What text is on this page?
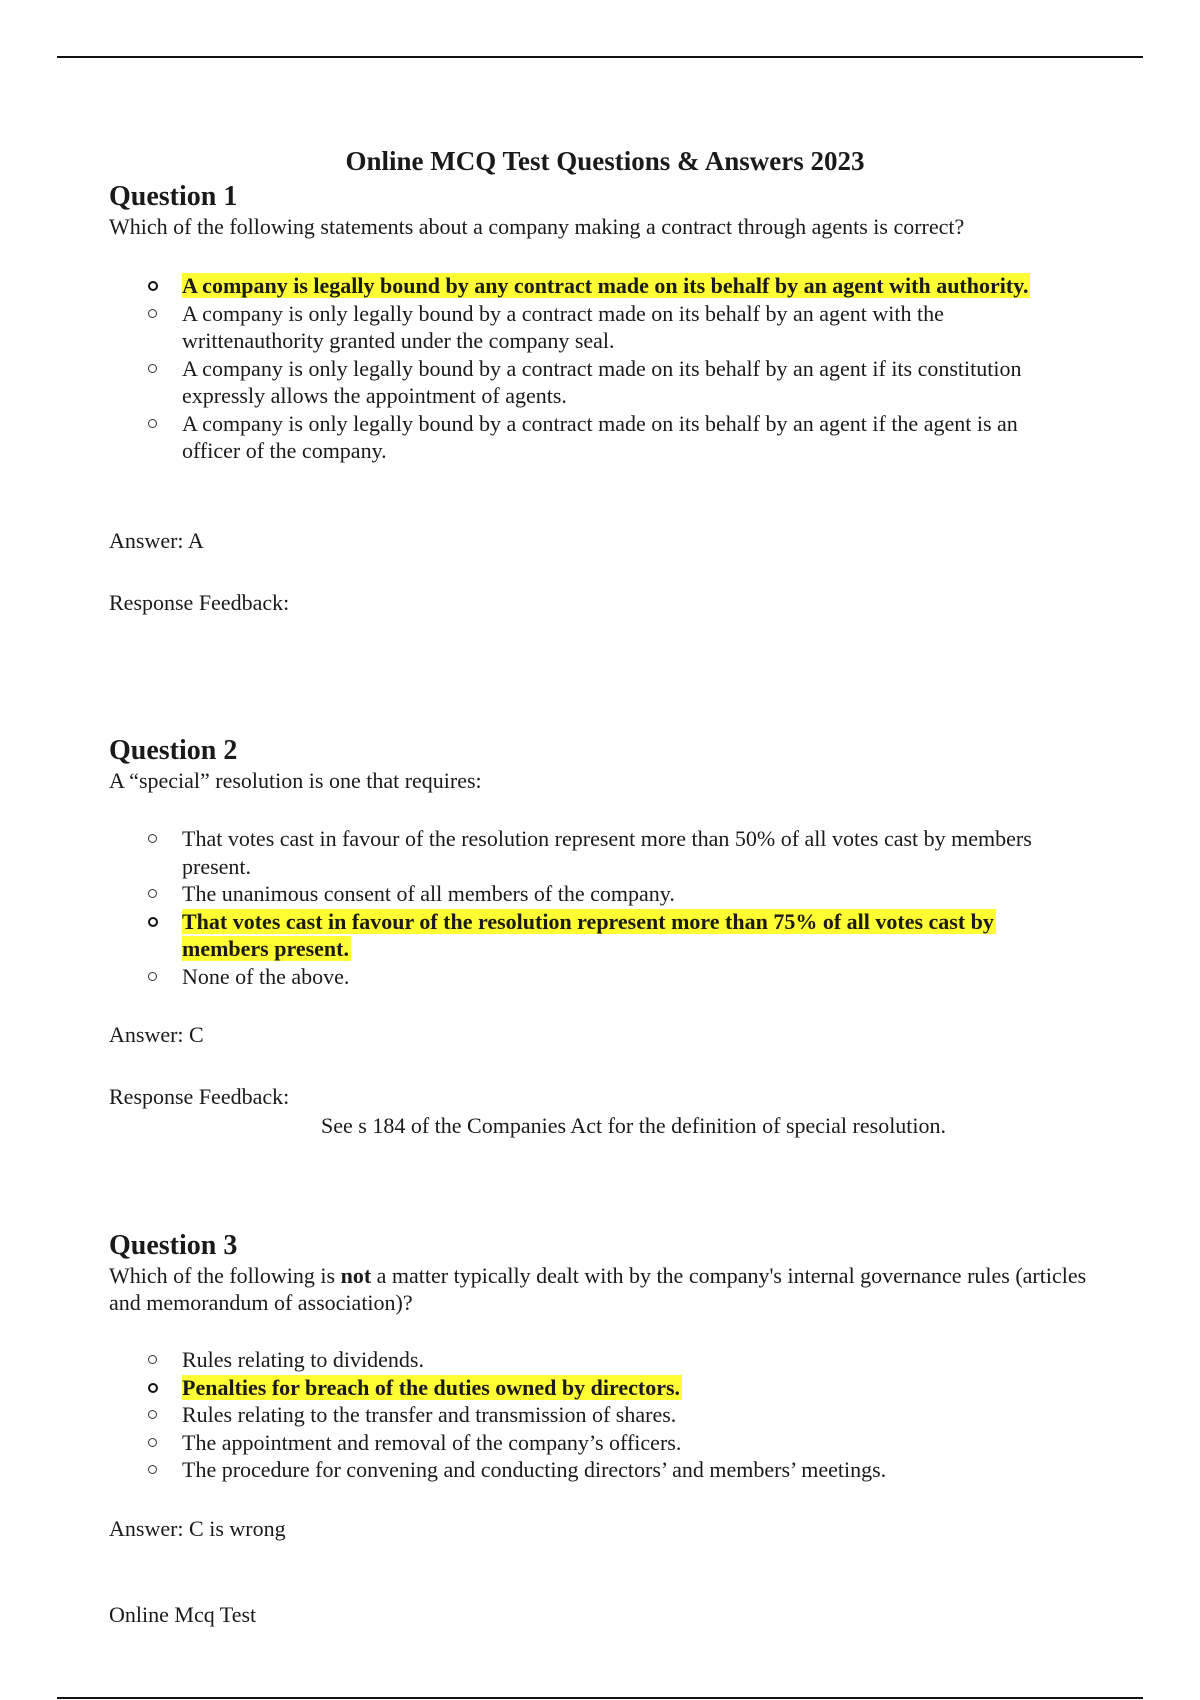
Online MCQ Test Questions & Answers 2023
Question 1
Which of the following statements about a company making a contract through agents is correct?
A company is legally bound by any contract made on its behalf by an agent with authority.
A company is only legally bound by a contract made on its behalf by an agent with the writtenauthority granted under the company seal.
A company is only legally bound by a contract made on its behalf by an agent if its constitution expressly allows the appointment of agents.
A company is only legally bound by a contract made on its behalf by an agent if the agent is an officer of the company.
Answer: A
Response Feedback:
Question 2
A “special” resolution is one that requires:
That votes cast in favour of the resolution represent more than 50% of all votes cast by members present.
The unanimous consent of all members of the company.
That votes cast in favour of the resolution represent more than 75% of all votes cast by members present.
None of the above.
Answer: C
Response Feedback:
See s 184 of the Companies Act for the definition of special resolution.
Question 3
Which of the following is not a matter typically dealt with by the company's internal governance rules (articles and memorandum of association)?
Rules relating to dividends.
Penalties for breach of the duties owned by directors.
Rules relating to the transfer and transmission of shares.
The appointment and removal of the company’s officers.
The procedure for convening and conducting directors’ and members’ meetings.
Answer: C is wrong
Online Mcq Test
